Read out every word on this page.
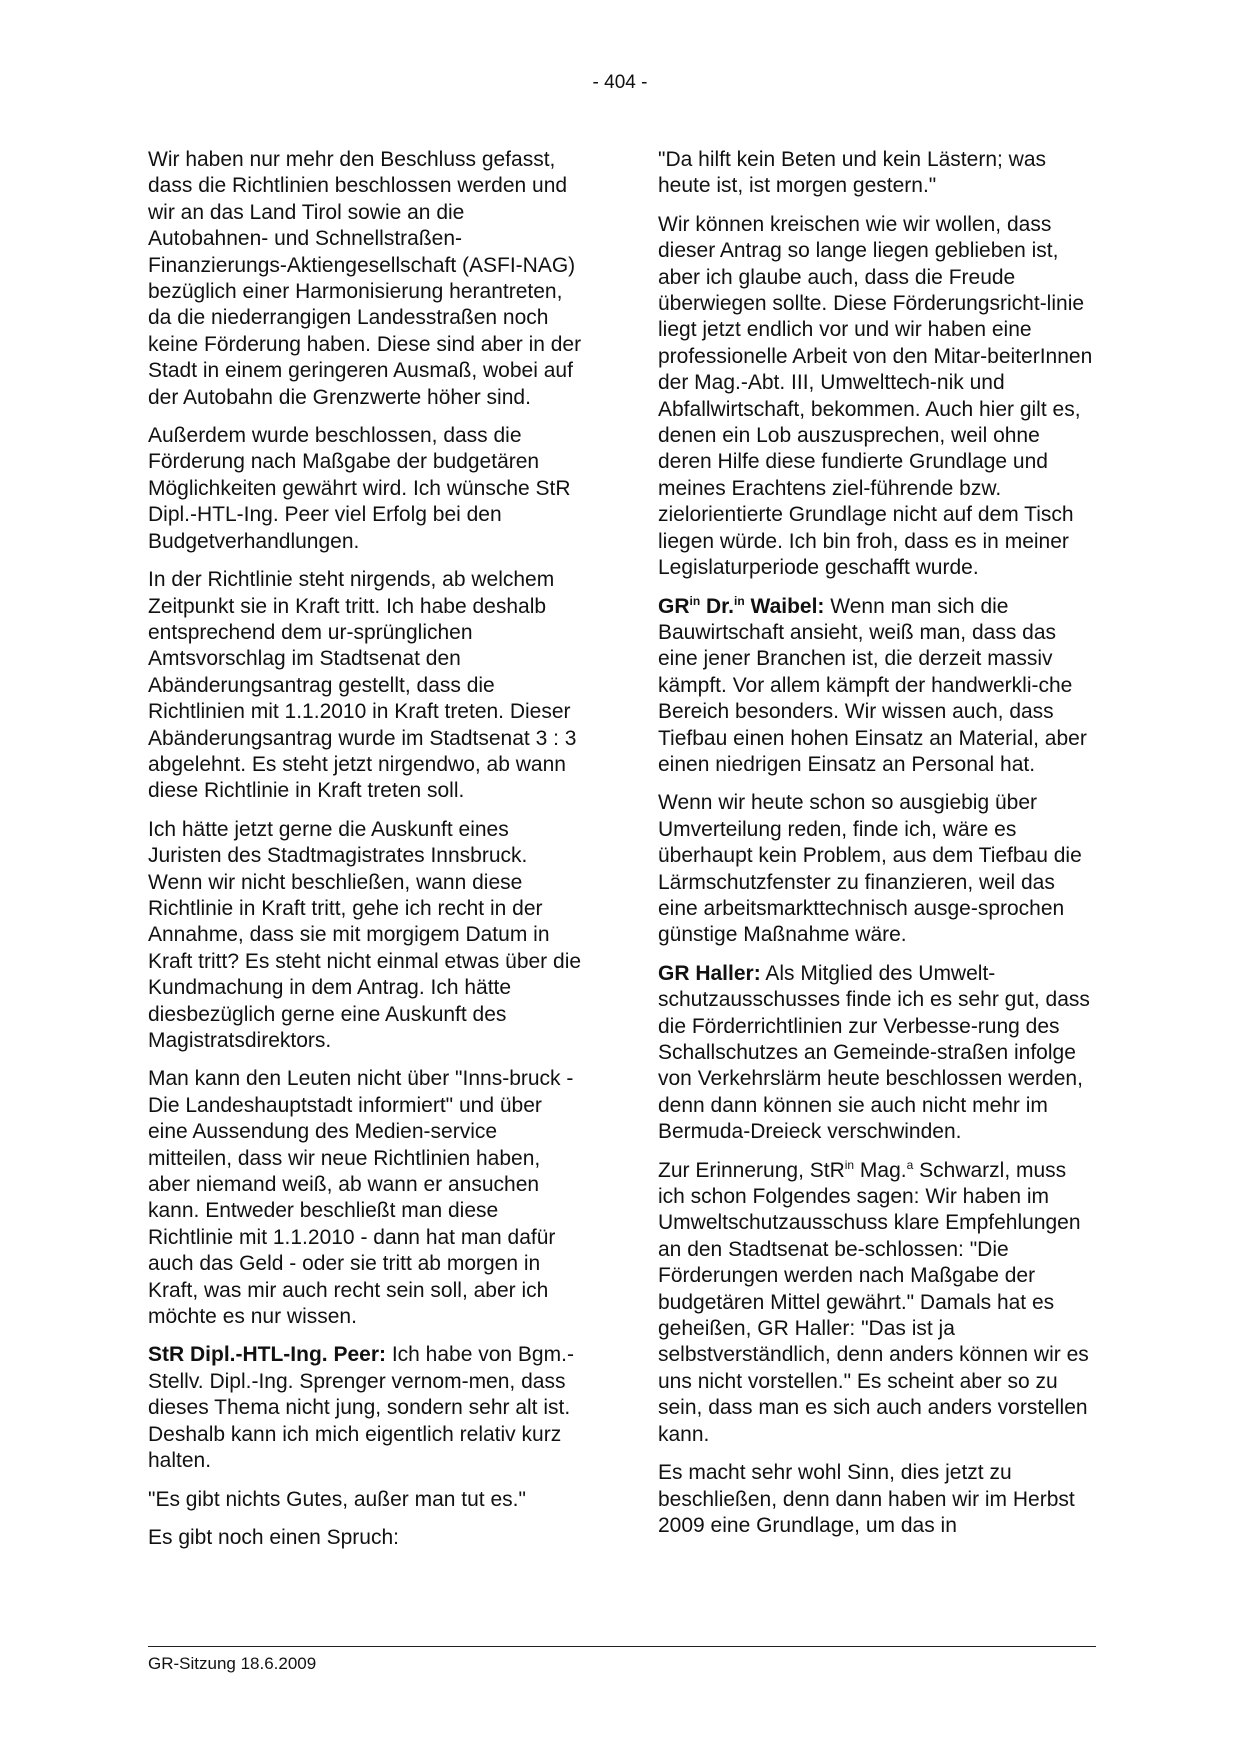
- 404 -

Wir haben nur mehr den Beschluss gefasst, dass die Richtlinien beschlossen werden und wir an das Land Tirol sowie an die Autobahnen- und Schnellstraßen-Finanzierungs-Aktiengesellschaft (ASFI-NAG) bezüglich einer Harmonisierung herantreten, da die niederrangigen Landesstraßen noch keine Förderung haben. Diese sind aber in der Stadt in einem geringeren Ausmaß, wobei auf der Autobahn die Grenzwerte höher sind.

Außerdem wurde beschlossen, dass die Förderung nach Maßgabe der budgetären Möglichkeiten gewährt wird. Ich wünsche StR Dipl.-HTL-Ing. Peer viel Erfolg bei den Budgetverhandlungen.

In der Richtlinie steht nirgends, ab welchem Zeitpunkt sie in Kraft tritt. Ich habe deshalb entsprechend dem ur-sprünglichen Amtsvorschlag im Stadtsenat den Abänderungsantrag gestellt, dass die Richtlinien mit 1.1.2010 in Kraft treten. Dieser Abänderungsantrag wurde im Stadtsenat 3 : 3 abgelehnt. Es steht jetzt nirgendwo, ab wann diese Richtlinie in Kraft treten soll.

Ich hätte jetzt gerne die Auskunft eines Juristen des Stadtmagistrates Innsbruck. Wenn wir nicht beschließen, wann diese Richtlinie in Kraft tritt, gehe ich recht in der Annahme, dass sie mit morgigem Datum in Kraft tritt? Es steht nicht einmal etwas über die Kundmachung in dem Antrag. Ich hätte diesbezüglich gerne eine Auskunft des Magistratsdirektors.

Man kann den Leuten nicht über "Inns-bruck - Die Landeshauptstadt informiert" und über eine Aussendung des Medien-service mitteilen, dass wir neue Richtlinien haben, aber niemand weiß, ab wann er ansuchen kann. Entweder beschließt man diese Richtlinie mit 1.1.2010 - dann hat man dafür auch das Geld - oder sie tritt ab morgen in Kraft, was mir auch recht sein soll, aber ich möchte es nur wissen.

StR Dipl.-HTL-Ing. Peer: Ich habe von Bgm.-Stellv. Dipl.-Ing. Sprenger vernom-men, dass dieses Thema nicht jung, sondern sehr alt ist. Deshalb kann ich mich eigentlich relativ kurz halten.

"Es gibt nichts Gutes, außer man tut es."

Es gibt noch einen Spruch:

"Da hilft kein Beten und kein Lästern; was
heute ist, ist morgen gestern."

Wir können kreischen wie wir wollen, dass dieser Antrag so lange liegen geblieben ist, aber ich glaube auch, dass die Freude überwiegen sollte. Diese Förderungsricht-linie liegt jetzt endlich vor und wir haben eine professionelle Arbeit von den Mitar-beiterInnen der Mag.-Abt. III, Umwelttech-nik und Abfallwirtschaft, bekommen. Auch hier gilt es, denen ein Lob auszusprechen, weil ohne deren Hilfe diese fundierte Grundlage und meines Erachtens ziel-führende bzw. zielorientierte Grundlage nicht auf dem Tisch liegen würde. Ich bin froh, dass es in meiner Legislaturperiode geschafft wurde.

$GR^{in}$ Dr.$^{in}$ Waibel: Wenn man sich die Bauwirtschaft ansieht, weiß man, dass das eine jener Branchen ist, die derzeit massiv kämpft. Vor allem kämpft der handwerkli-che Bereich besonders. Wir wissen auch, dass Tiefbau einen hohen Einsatz an Material, aber einen niedrigen Einsatz an Personal hat.

Wenn wir heute schon so ausgiebig über Umverteilung reden, finde ich, wäre es überhaupt kein Problem, aus dem Tiefbau die Lärmschutzfenster zu finanzieren, weil das eine arbeitsmarkttechnisch ausge-sprochen günstige Maßnahme wäre.

GR Haller: Als Mitglied des Umwelt-schutzausschusses finde ich es sehr gut, dass die Förderrichtlinien zur Verbesse-rung des Schallschutzes an Gemeinde-straßen infolge von Verkehrslärm heute beschlossen werden, denn dann können sie auch nicht mehr im Bermuda-Dreieck verschwinden.

Zur Erinnerung, StR$^{in}$ Mag.$^a$ Schwarzl, muss ich schon Folgendes sagen: Wir haben im Umweltschutzausschuss klare Empfehlungen an den Stadtsenat be-schlossen: "Die Förderungen werden nach Maßgabe der budgetären Mittel gewährt." Damals hat es geheißen, GR Haller: "Das ist ja selbstverständlich, denn anders können wir es uns nicht vorstellen." Es scheint aber so zu sein, dass man es sich auch anders vorstellen kann.

Es macht sehr wohl Sinn, dies jetzt zu beschließen, denn dann haben wir im Herbst 2009 eine Grundlage, um das in

GR-Sitzung 18.6.2009
